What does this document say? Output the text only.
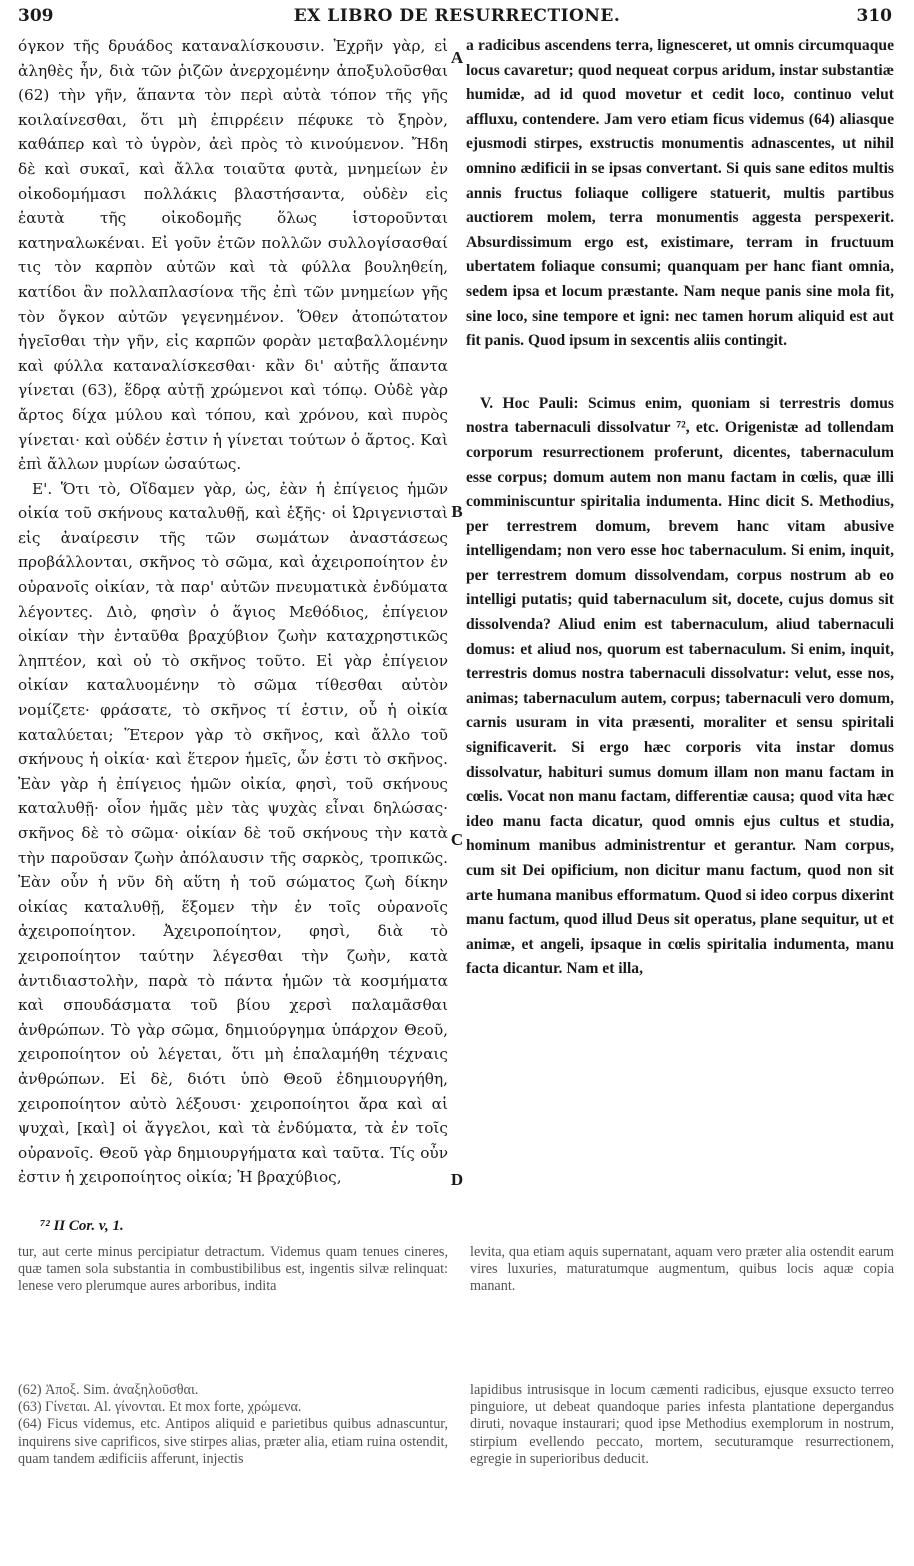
309	EX LIBRO DE RESURRECTIONE.	310

όγκον τῆς δρυάδος καταναλίσκουσιν. Ἐχρῆν γὰρ, εἰ ἀληθὲς ἦν, διὰ τῶν ῥιζῶν ἀνερχομένην ἀποξυλοῦσθαι (62) τὴν γῆν, ἅπαντα τὸν περὶ αὐτὰ τόπον τῆς γῆς κοιλαίνεσθαι, ὅτι μὴ ἐπιρρέειν πέφυκε τὸ ξηρὸν, καθάπερ καὶ τὸ ὑγρὸν, ἀεὶ πρὸς τὸ κινούμενον. Ἤδη δὲ καὶ συκαῖ, καὶ ἄλλα τοιαῦτα φυτὰ, μνημείων ἐν οἰκοδομήμασι πολλάκις βλαστήσαντα, οὐδὲν εἰς ἑαυτὰ τῆς οἰκοδομῆς ὅλως ἱστοροῦνται κατηναλωκέναι. Εἰ γοῦν ἐτῶν πολλῶν συλλογίσασθαί τις τὸν καρπὸν αὐτῶν καὶ τὰ φύλλα βουληθείη, κατίδοι ἂν πολλαπλασίονα τῆς ἐπὶ τῶν μνημείων γῆς τὸν ὄγκον αὐτῶν γεγενημένον. Ὅθεν ἀτοπώτατον ἡγεῖσθαι τὴν γῆν, εἰς καρπῶν φορὰν μεταβαλλομένην καὶ φύλλα καταναλίσκεσθαι· κἂν δι' αὐτῆς ἅπαντα γίνεται (63), ἕδρᾳ αὐτῇ χρώμενοι καὶ τόπῳ. Οὐδὲ γὰρ ἄρτος δίχα μύλου καὶ τόπου, καὶ χρόνου, καὶ πυρὸς γίνεται· καὶ οὐδέν ἐστιν ἡ γίνεται τούτων ὁ ἄρτος. Καὶ ἐπὶ ἄλλων μυρίων ὡσαύτως.

Ε'. Ὅτι τὸ, Οἴδαμεν γὰρ, ὡς, ἐὰν ἡ ἐπίγειος ἡμῶν οἰκία τοῦ σκήνους καταλυθῇ, καὶ ἑξῆς· οἱ Ὠριγενισταὶ εἰς ἀναίρεσιν τῆς τῶν σωμάτων ἀναστάσεως προβάλλονται, σκῆνος τὸ σῶμα, καὶ ἀχειροποίητον ἐν οὐρανοῖς οἰκίαν, τὰ παρ' αὐτῶν πνευματικὰ ἐνδύματα λέγοντες. Διὸ, φησὶν ὁ ἅγιος Μεθόδιος, ἐπίγειον οἰκίαν τὴν ἐνταῦθα βραχύβιον ζωὴν καταχρηστικῶς ληπτέον, καὶ οὐ τὸ σκῆνος τοῦτο. Εἰ γὰρ ἐπίγειον οἰκίαν καταλυομένην τὸ σῶμα τίθεσθαι αὐτὸν νομίζετε· φράσατε, τὸ σκῆνος τί ἐστιν, οὗ ἡ οἰκία καταλύεται; Ἕτερον γὰρ τὸ σκῆνος, καὶ ἄλλο τοῦ σκήνους ἡ οἰκία· καὶ ἕτερον ἡμεῖς, ὧν ἐστι τὸ σκῆνος. Ἐὰν γὰρ ἡ ἐπίγειος ἡμῶν οἰκία, φησὶ, τοῦ σκήνους καταλυθῇ· οἷον ἡμᾶς μὲν τὰς ψυχὰς εἶναι δηλώσας· σκῆνος δὲ τὸ σῶμα· οἰκίαν δὲ τοῦ σκήνους τὴν κατὰ τὴν παροῦσαν ζωὴν ἀπόλαυσιν τῆς σαρκὸς, τροπικῶς. Ἐὰν οὖν ἡ νῦν δὴ αὕτη ἡ τοῦ σώματος ζωὴ δίκην οἰκίας καταλυθῇ, ἕξομεν τὴν ἐν τοῖς οὐρανοῖς ἀχειροποίητον. Ἀχειροποίητον, φησὶ, διὰ τὸ χειροποίητον ταύτην λέγεσθαι τὴν ζωὴν, κατὰ ἀντιδιαστολὴν, παρὰ τὸ πάντα ἡμῶν τὰ κοσμήματα καὶ σπουδάσματα τοῦ βίου χερσὶ παλαμᾶσθαι ἀνθρώπων. Τὸ γὰρ σῶμα, δημιούργημα ὑπάρχον Θεοῦ, χειροποίητον οὐ λέγεται, ὅτι μὴ ἐπαλαμήθη τέχναις ἀνθρώπων. Εἰ δὲ, διότι ὑπὸ Θεοῦ ἐδημιουργήθη, χειροποίητον αὐτὸ λέξουσι· χειροποίητοι ἄρα καὶ αἱ ψυχαὶ, [καὶ] οἱ ἄγγελοι, καὶ τὰ ἐνδύματα, τὰ ἐν τοῖς οὐρανοῖς. Θεοῦ γὰρ δημιουργήματα καὶ ταῦτα. Τίς οὖν ἐστιν ἡ χειροποίητος οἰκία; Ἡ βραχύβιος,

a radicibus ascendens terra, lignesceret, ut omnis circumquaque locus cavaretur; quod nequeat corpus aridum, instar substantiæ humidæ, ad id quod movetur et cedit loco, continuo velut affluxu, contendere. Jam vero etiam ficus videmus (64) aliasque ejusmodi stirpes, exstructis monumentis adnascentes, ut nihil omnino ædificii in se ipsas convertant. Si quis sane editos multis annis fructus foliaque colligere statuerit, multis partibus auctiorem molem, terra monumentis aggesta perspexerit. Absurdissimum ergo est, existimare, terram in fructuum ubertatem foliaque consumi; quanquam per hanc fiant omnia, sedem ipsa et locum præstante. Nam neque panis sine mola fit, sine loco, sine tempore et igni: nec tamen horum aliquid est aut fit panis. Quod ipsum in sexcentis aliis contingit.

V. Hoc Pauli: Scimus enim, quoniam si terrestris domus nostra tabernaculi dissolvatur ⁷², etc. Origenistæ ad tollendam corporum resurrectionem proferunt, dicentes, tabernaculum esse corpus; domum autem non manu factam in cœlis, quæ illi comminiscuntur spiritalia indumenta. Hinc dicit S. Methodius, per terrestrem domum, brevem hanc vitam abusive intelligendam; non vero esse hoc tabernaculum. Si enim, inquit, per terrestrem domum dissolvendam, corpus nostrum ab eo intelligi putatis; quid tabernaculum sit, docete, cujus domus sit dissolvenda? Aliud enim est tabernaculum, aliud tabernaculi domus: et aliud nos, quorum est tabernaculum. Si enim, inquit, terrestris domus nostra tabernaculi dissolvatur: velut, esse nos, animas; tabernaculum autem, corpus; tabernaculi vero domum, carnis usuram in vita præsenti, moraliter et sensu spiritali significaverit. Si ergo hæc corporis vita instar domus dissolvatur, habituri sumus domum illam non manu factam in cœlis. Vocat non manu factam, differentiæ causa; quod vita hæc ideo manu facta dicatur, quod omnis ejus cultus et studia, hominum manibus administrentur et gerantur. Nam corpus, cum sit Dei opificium, non dicitur manu factum, quod non sit arte humana manibus efformatum. Quod si ideo corpus dixerint manu factum, quod illud Deus sit operatus, plane sequitur, ut et animæ, et angeli, ipsaque in cœlis spiritalia indumenta, manu facta dicantur. Nam et illa,

A
B
C
D
⁷² II Cor. v, 1.

tur, aut certe minus percipiatur detractum. Videmus quam tenues cineres, quæ tamen sola substantia in combustibilibus est, ingentis silvæ relinquat: lenese vero plerumque aures arboribus, indita

levita, qua etiam aquis supernatant, aquam vero præter alia ostendit earum vires luxuries, maturatumque augmentum, quibus locis aquæ copia manant.

(62) Ἀποξ. Sim. ἀναξηλοῦσθαι.

(63) Γίνεται. Al. γίνονται. Et mox forte, χρώμενα.

(64) Ficus videmus, etc. Antipos aliquid e parietibus quibus adnascuntur, inquirens sive caprificos, sive stirpes alias, præter alia, etiam ruina ostendit, quam tandem ædificiis afferunt, injectis

lapidibus intrusisque in locum cæmenti radicibus, ejusque exsucto terreo pinguiore, ut debeat quandoque paries infesta plantatione depergandus diruti, novaque instaurari; quod ipse Methodius exemplorum in nostrum, stirpium evellendo peccato, mortem, secuturamque resurrectionem, egregie in superioribus deducit.
